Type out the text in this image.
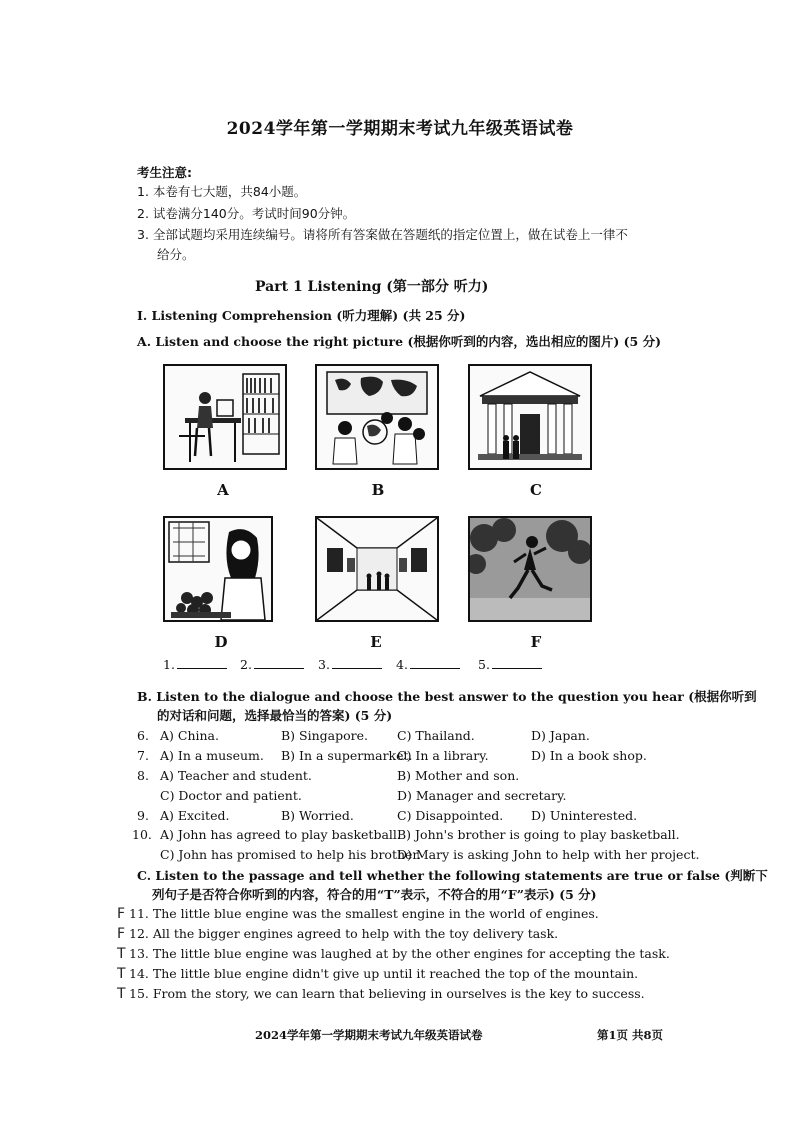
2024学年第一学期期末考试九年级英语试卷
考生注意:
1. 本卷有七大题，共84小题。
2. 试卷满分140分。考试时间90分钟。
3. 全部试题均采用连续编号。请将所有答案做在答题纸的指定位置上，做在试卷上一律不
给分。
Part 1 Listening (第一部分 听力)
I. Listening Comprehension (听力理解) (共 25 分)
A. Listen and choose the right picture (根据你听到的内容，选出相应的图片) (5 分)
A	B	C
D	E	F
1.	2.	3.	4.	5.
B. Listen to the dialogue and choose the best answer to the question you hear (根据你听到
的对话和问题，选择最恰当的答案) (5 分)
6. A) China.	B) Singapore. C) Thailand.	D) Japan.
7. A) In a museum. B) In a supermarket.
C) In a library.	D) In a book shop.
8. A) Teacher and student.	B) Mother and son.
C) Doctor and patient.	D) Manager and secretary.
9. A) Excited.	B) Worried.	C) Disappointed. D) Uninterested.
10. A) John has agreed to play basketball.
B) John's brother is going to play basketball.
C) John has promised to help his brother.
D) Mary is asking John to help with her project.
C. Listen to the passage and tell whether the following statements are true or false (判断下
列句子是否符合你听到的内容，符合的用“T”表示，不符合的用“F”表示) (5 分)
F 11. The little blue engine was the smallest engine in the world of engines.
F 12. All the bigger engines agreed to help with the toy delivery task.
T 13. The little blue engine was laughed at by the other engines for accepting the task.
T 14. The little blue engine didn't give up until it reached the top of the mountain.
T 15. From the story, we can learn that believing in ourselves is the key to success.
2024学年第一学期期末考试九年级英语试卷	第1页 共8页
